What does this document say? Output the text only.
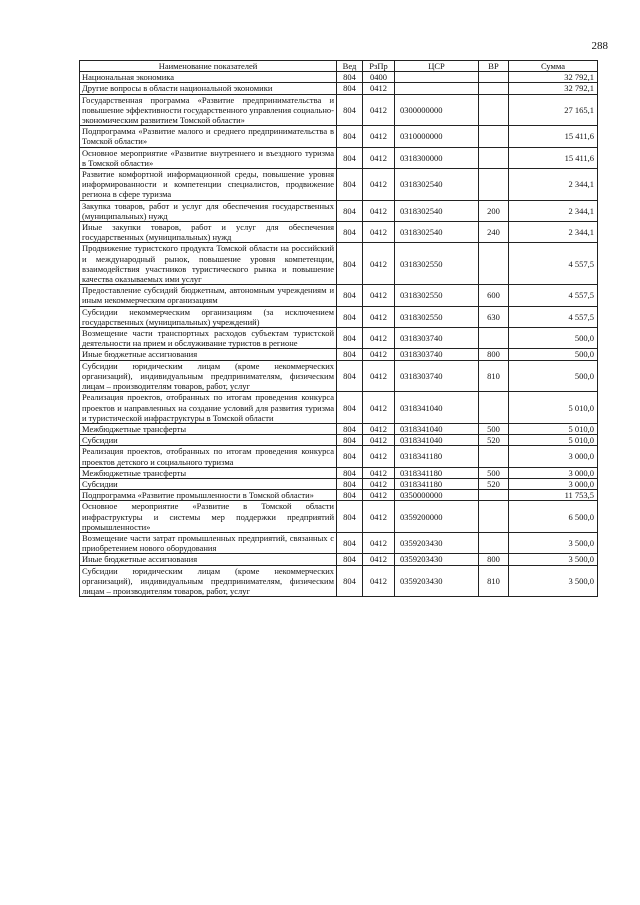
288
Наименование показателей	Вед	РзПр	ЦСР	ВР	Сумма
Национальная экономика	804	0400			32 792,1
Другие вопросы в области национальной экономики	804	0412			32 792,1
Государственная программа «Развитие предпринимательства и повышение эффективности государственного управления социально-экономическим развитием Томской области»	804	0412	0300000000		27 165,1
Подпрограмма «Развитие малого и среднего предпринимательства в Томской области»	804	0412	0310000000		15 411,6
Основное мероприятие «Развитие внутреннего и въездного туризма в Томской области»	804	0412	0318300000		15 411,6
Развитие комфортной информационной среды, повышение уровня информированности и компетенции специалистов, продвижение региона в сфере туризма	804	0412	0318302540		2 344,1
Закупка товаров, работ и услуг для обеспечения государственных (муниципальных) нужд	804	0412	0318302540	200	2 344,1
Иные закупки товаров, работ и услуг для обеспечения государственных (муниципальных) нужд	804	0412	0318302540	240	2 344,1
Продвижение туристского продукта Томской области на российский и международный рынок, повышение уровня компетенции, взаимодействия участников туристического рынка и повышение качества оказываемых ими услуг	804	0412	0318302550		4 557,5
Предоставление субсидий бюджетным, автономным учреждениям и иным некоммерческим организациям	804	0412	0318302550	600	4 557,5
Субсидии некоммерческим организациям (за исключением государственных (муниципальных) учреждений)	804	0412	0318302550	630	4 557,5
Возмещение части транспортных расходов субъектам туристской деятельности на прием и обслуживание туристов в регионе	804	0412	0318303740		500,0
Иные бюджетные ассигнования	804	0412	0318303740	800	500,0
Субсидии юридическим лицам (кроме некоммерческих организаций), индивидуальным предпринимателям, физическим лицам – производителям товаров, работ, услуг	804	0412	0318303740	810	500,0
Реализация проектов, отобранных по итогам проведения конкурса проектов и направленных на создание условий для развития туризма и туристической инфраструктуры в Томской области	804	0412	0318341040		5 010,0
Межбюджетные трансферты	804	0412	0318341040	500	5 010,0
Субсидии	804	0412	0318341040	520	5 010,0
Реализация проектов, отобранных по итогам проведения конкурса проектов детского и социального туризма	804	0412	0318341180		3 000,0
Межбюджетные трансферты	804	0412	0318341180	500	3 000,0
Субсидии	804	0412	0318341180	520	3 000,0
Подпрограмма «Развитие промышленности в Томской области»	804	0412	0350000000		11 753,5
Основное мероприятие «Развитие в Томской области инфраструктуры и системы мер поддержки предприятий промышленности»	804	0412	0359200000		6 500,0
Возмещение части затрат промышленных предприятий, связанных с приобретением нового оборудования	804	0412	0359203430		3 500,0
Иные бюджетные ассигнования	804	0412	0359203430	800	3 500,0
Субсидии юридическим лицам (кроме некоммерческих организаций), индивидуальным предпринимателям, физическим лицам – производителям товаров, работ, услуг	804	0412	0359203430	810	3 500,0
